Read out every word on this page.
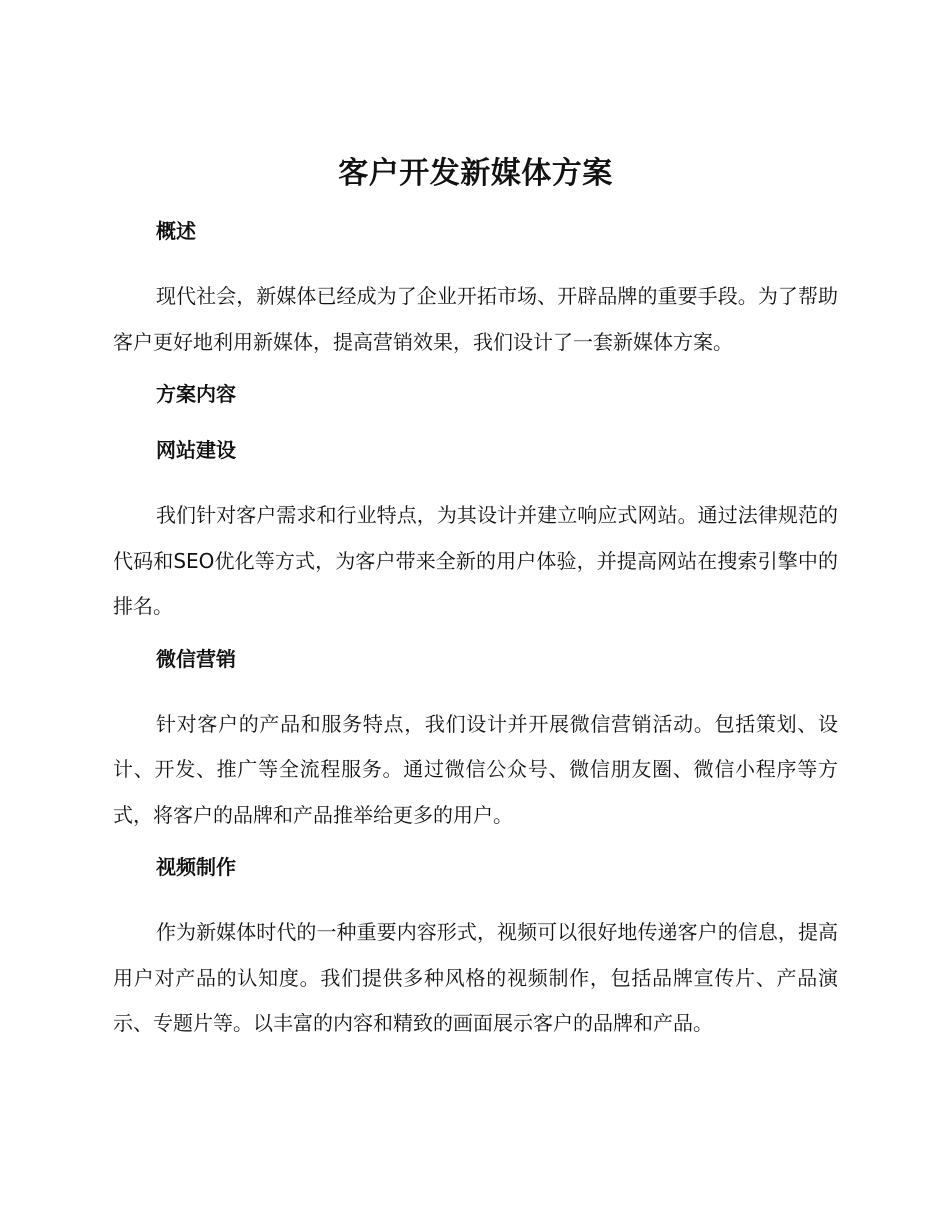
客户开发新媒体方案
概述

现代社会，新媒体已经成为了企业开拓市场、开辟品牌的重要手段。为了帮助客户更好地利用新媒体，提高营销效果，我们设计了一套新媒体方案。

方案内容
网站建设

我们针对客户需求和行业特点，为其设计并建立响应式网站。通过法律规范的代码和SEO优化等方式，为客户带来全新的用户体验，并提高网站在搜索引擎中的排名。

微信营销

针对客户的产品和服务特点，我们设计并开展微信营销活动。包括策划、设计、开发、推广等全流程服务。通过微信公众号、微信朋友圈、微信小程序等方式，将客户的品牌和产品推举给更多的用户。

视频制作

作为新媒体时代的一种重要内容形式，视频可以很好地传递客户的信息，提高用户对产品的认知度。我们提供多种风格的视频制作，包括品牌宣传片、产品演示、专题片等。以丰富的内容和精致的画面展示客户的品牌和产品。
